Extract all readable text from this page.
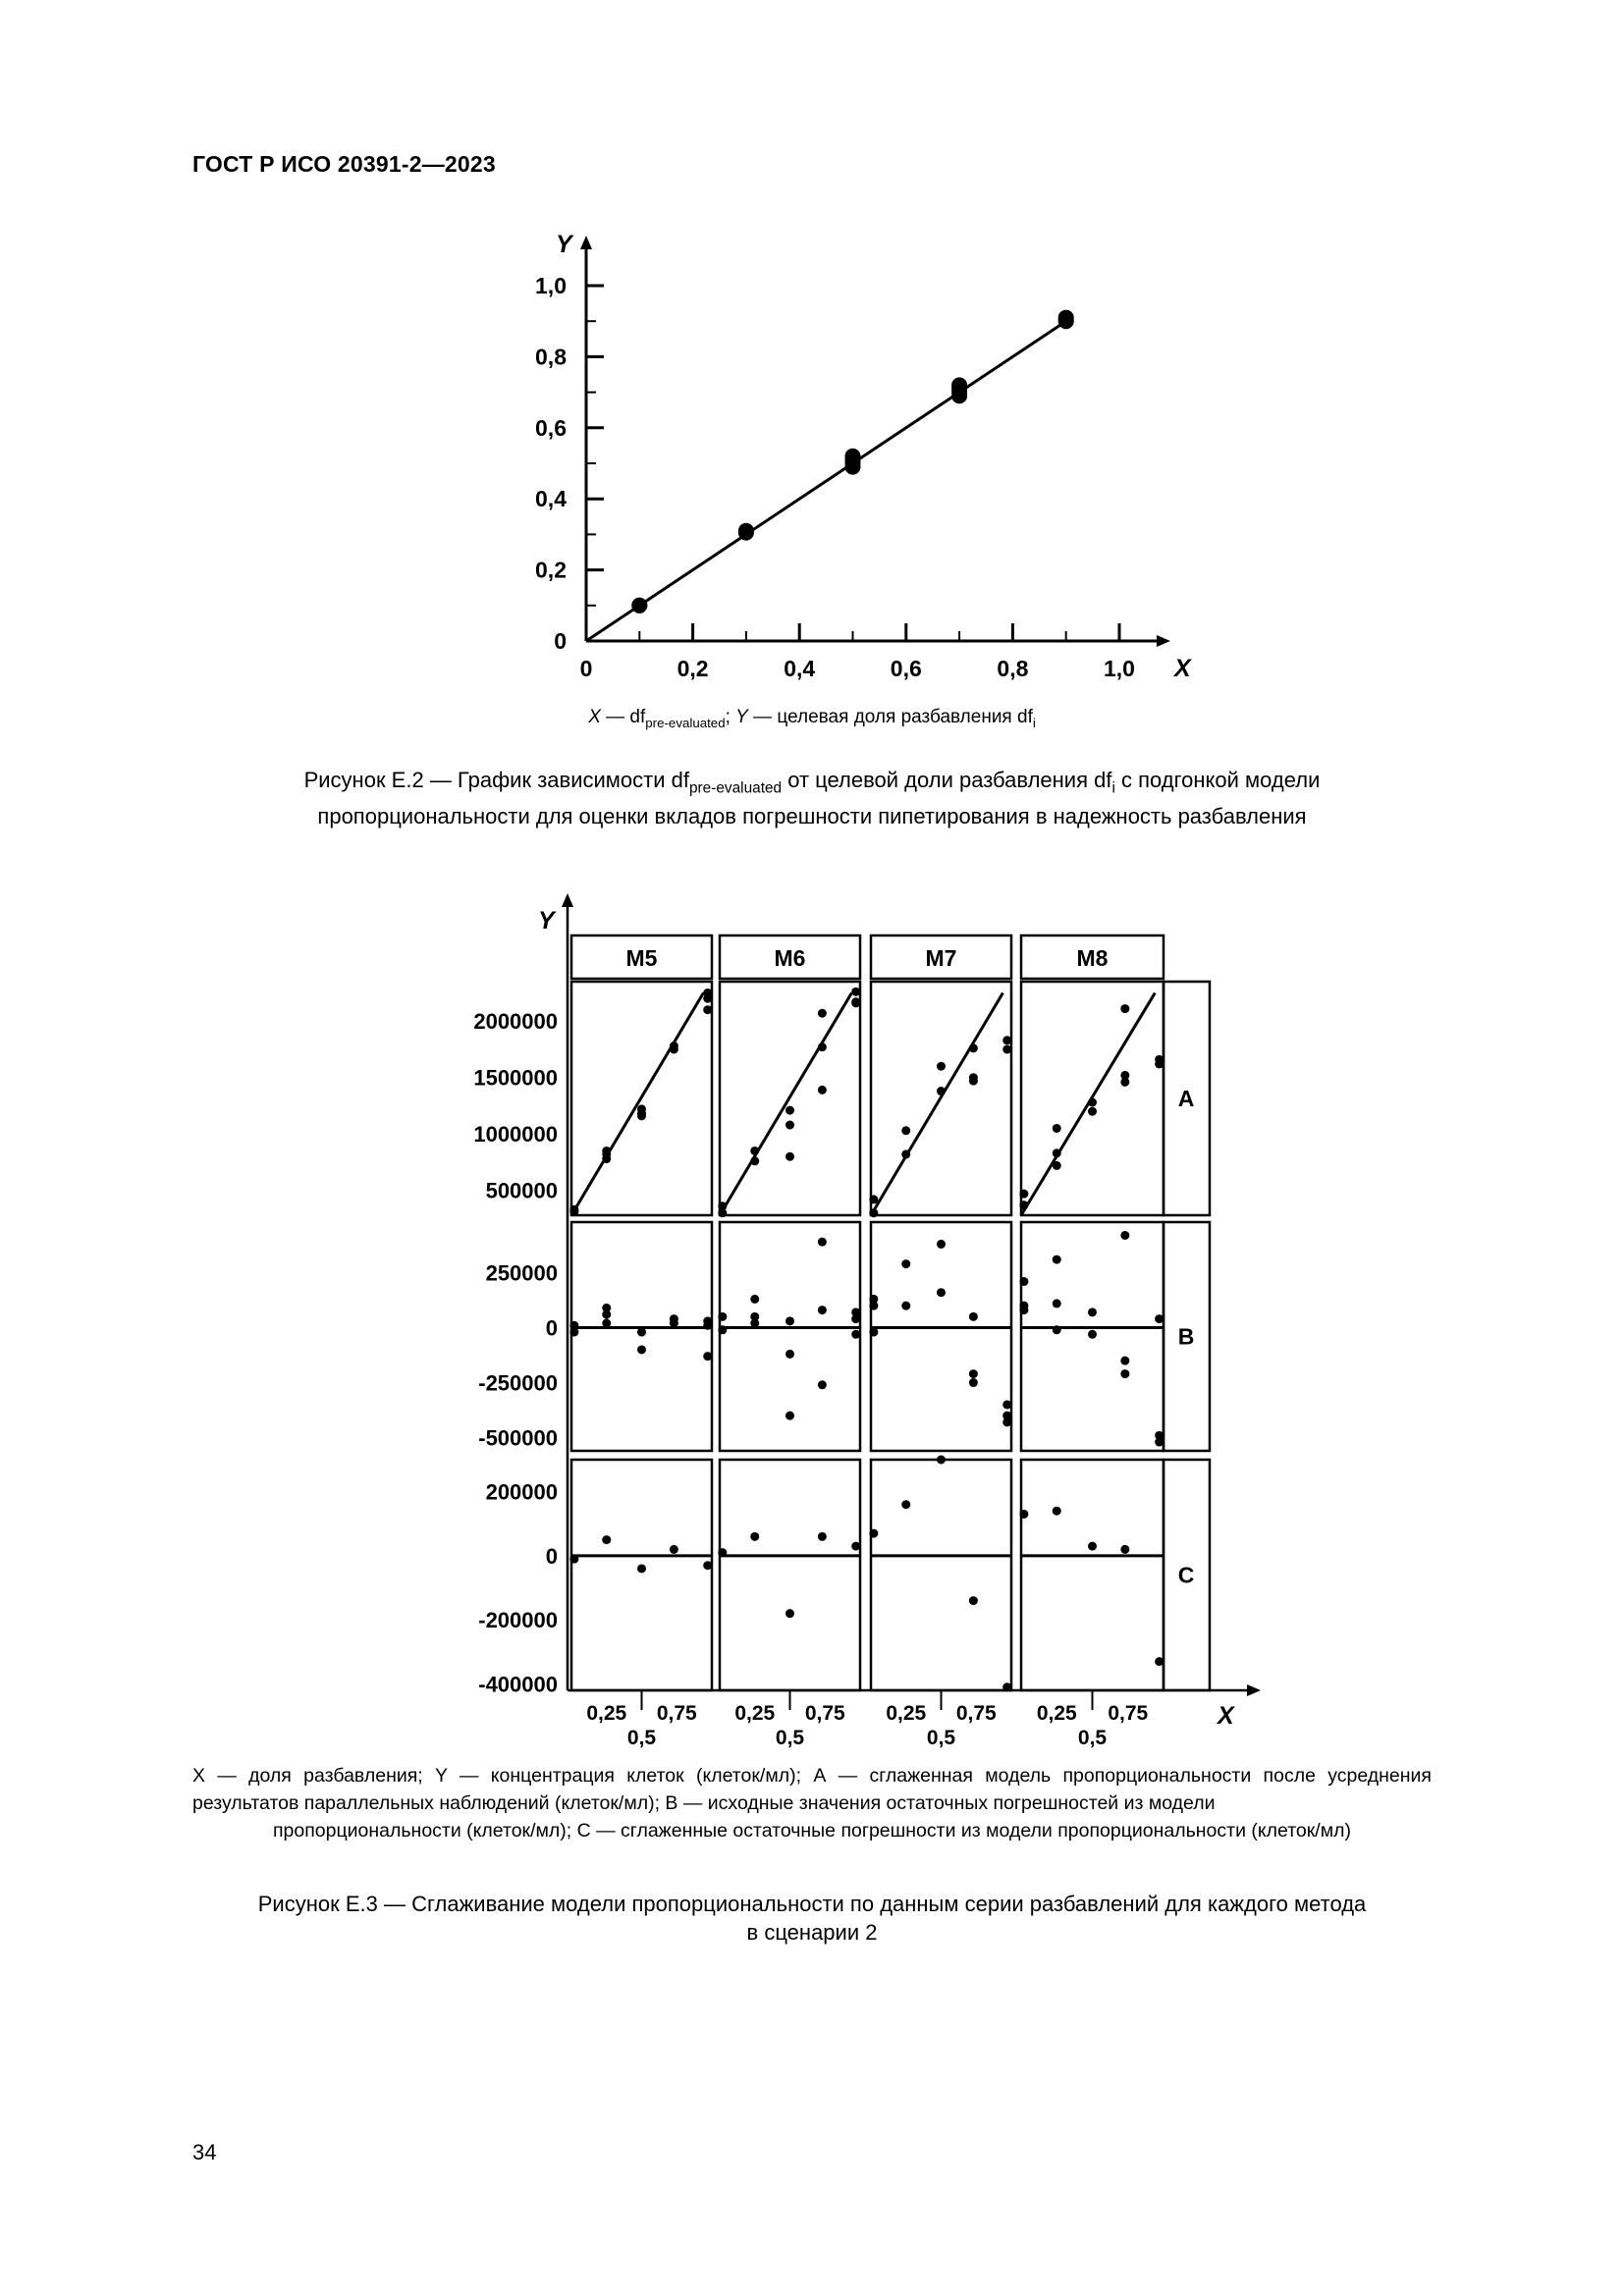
ГОСТ Р ИСО 20391-2—2023
0
0
0,2
0,2
0,4
0,4
0,6
0,6
0,8
0,8
1,0
1,0
X
Y
X — $df_{pre-evaluated}$; Y — целевая доля разбавления $df_i$
Рисунок Е.2 — График зависимости $df_{pre-evaluated}$ от целевой доли разбавления $df_i$ с подгонкой модели пропорциональности для оценки вкладов погрешности пипетирования в надежность разбавления
Y
X
M5	M6	M7	M8
A
500000
1000000
1500000
2000000
B
-500000
-250000
0
250000
C
-400000
-200000
0
200000
0,25
0,5
0,75 0,25
0,5
0,75 0,25
0,5
0,75 0,25
0,5
0,75
X — доля разбавления; Y — концентрация клеток (клеток/мл); А — сглаженная модель пропорциональности после усреднения результатов параллельных наблюдений (клеток/мл); В — исходные значения остаточных погрешностей из модели
пропорциональности (клеток/мл); С — сглаженные остаточные погрешности из модели пропорциональности (клеток/мл)
Рисунок Е.3 — Сглаживание модели пропорциональности по данным серии разбавлений для каждого метода
в сценарии 2
34
